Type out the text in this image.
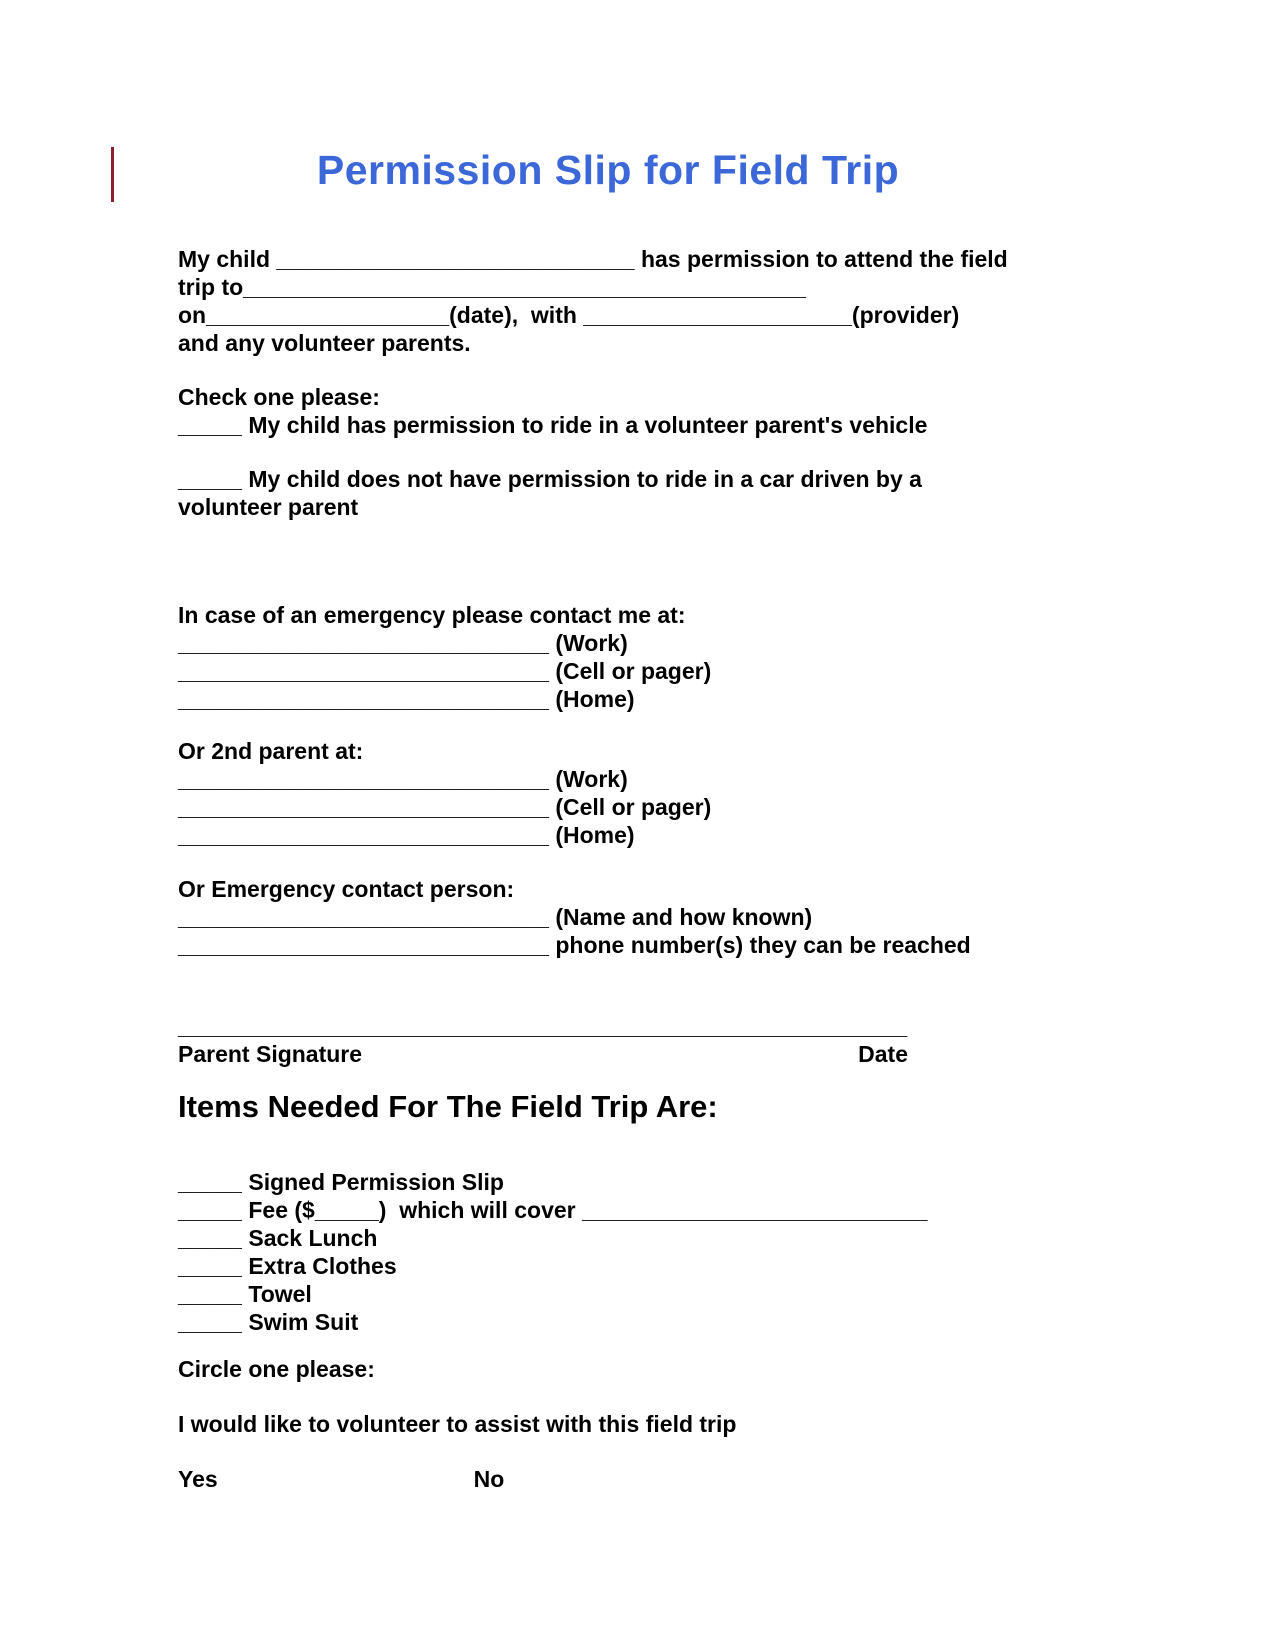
Permission Slip for Field Trip
My child ____________________________ has permission to attend the field
trip to____________________________________________
on___________________(date),  with _____________________(provider)
and any volunteer parents.
Check one please:
_____ My child has permission to ride in a volunteer parent's vehicle
_____ My child does not have permission to ride in a car driven by a
volunteer parent
In case of an emergency please contact me at:
_____________________________ (Work)
_____________________________ (Cell or pager)
_____________________________ (Home)
Or 2nd parent at:
_____________________________ (Work)
_____________________________ (Cell or pager)
_____________________________ (Home)
Or Emergency contact person:
_____________________________ (Name and how known)
_____________________________ phone number(s) they can be reached
_________________________________________________________
Parent Signature	Date
Items Needed For The Field Trip Are:
_____ Signed Permission Slip
_____ Fee ($_____)  which will cover ___________________________
_____ Sack Lunch
_____ Extra Clothes
_____ Towel
_____ Swim Suit
Circle one please:
I would like to volunteer to assist with this field trip
Yes	No
